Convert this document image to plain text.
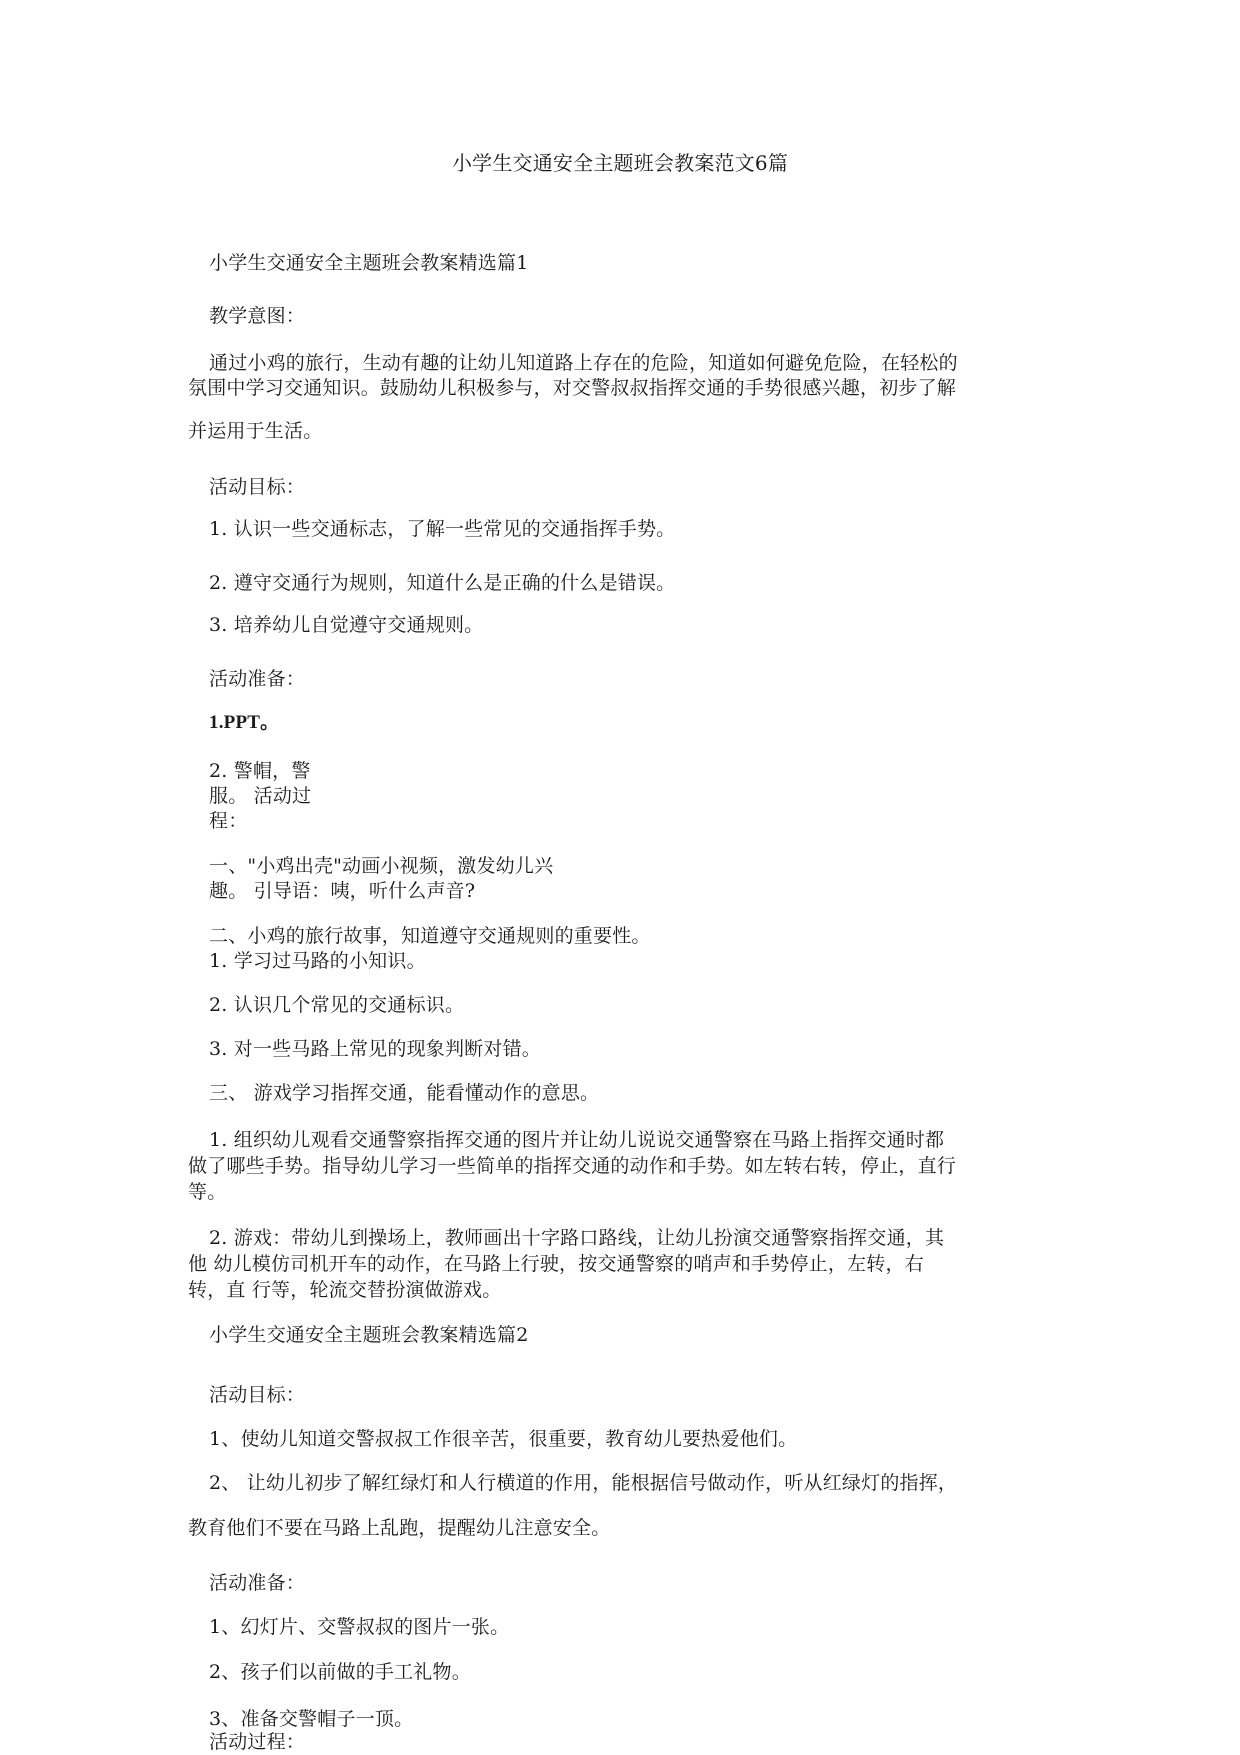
小学生交通安全主题班会教案范文6篇

小学生交通安全主题班会教案精选篇1

教学意图：

通过小鸡的旅行，生动有趣的让幼儿知道路上存在的危险，知道如何避免危险，在轻松的

氛围中学习交通知识。鼓励幼儿积极参与，对交警叔叔指挥交通的手势很感兴趣，初步了解

并运用于生活。

活动目标：

1. 认识一些交通标志，了解一些常见的交通指挥手势。

2. 遵守交通行为规则，知道什么是正确的什么是错误。

3. 培养幼儿自觉遵守交通规则。

活动准备：

1.PPT。

2. 警帽，警

服。 活动过

程：

一、"小鸡出壳"动画小视频，激发幼儿兴

趣。 引导语：咦，听什么声音?

二、小鸡的旅行故事，知道遵守交通规则的重要性。

1. 学习过马路的小知识。

2. 认识几个常见的交通标识。

3. 对一些马路上常见的现象判断对错。

三、 游戏学习指挥交通，能看懂动作的意思。

1. 组织幼儿观看交通警察指挥交通的图片并让幼儿说说交通警察在马路上指挥交通时都

做了哪些手势。指导幼儿学习一些简单的指挥交通的动作和手势。如左转右转，停止，直行

等。

2. 游戏：带幼儿到操场上，教师画出十字路口路线，让幼儿扮演交通警察指挥交通，其

他 幼儿模仿司机开车的动作，在马路上行驶，按交通警察的哨声和手势停止，左转，右

转，直 行等，轮流交替扮演做游戏。

小学生交通安全主题班会教案精选篇2

活动目标：

1、使幼儿知道交警叔叔工作很辛苦，很重要，教育幼儿要热爱他们。

2、 让幼儿初步了解红绿灯和人行横道的作用，能根据信号做动作，听从红绿灯的指挥，

教育他们不要在马路上乱跑，提醒幼儿注意安全。

活动准备：

1、幻灯片、交警叔叔的图片一张。

2、孩子们以前做的手工礼物。

3、准备交警帽子一顶。

活动过程：
